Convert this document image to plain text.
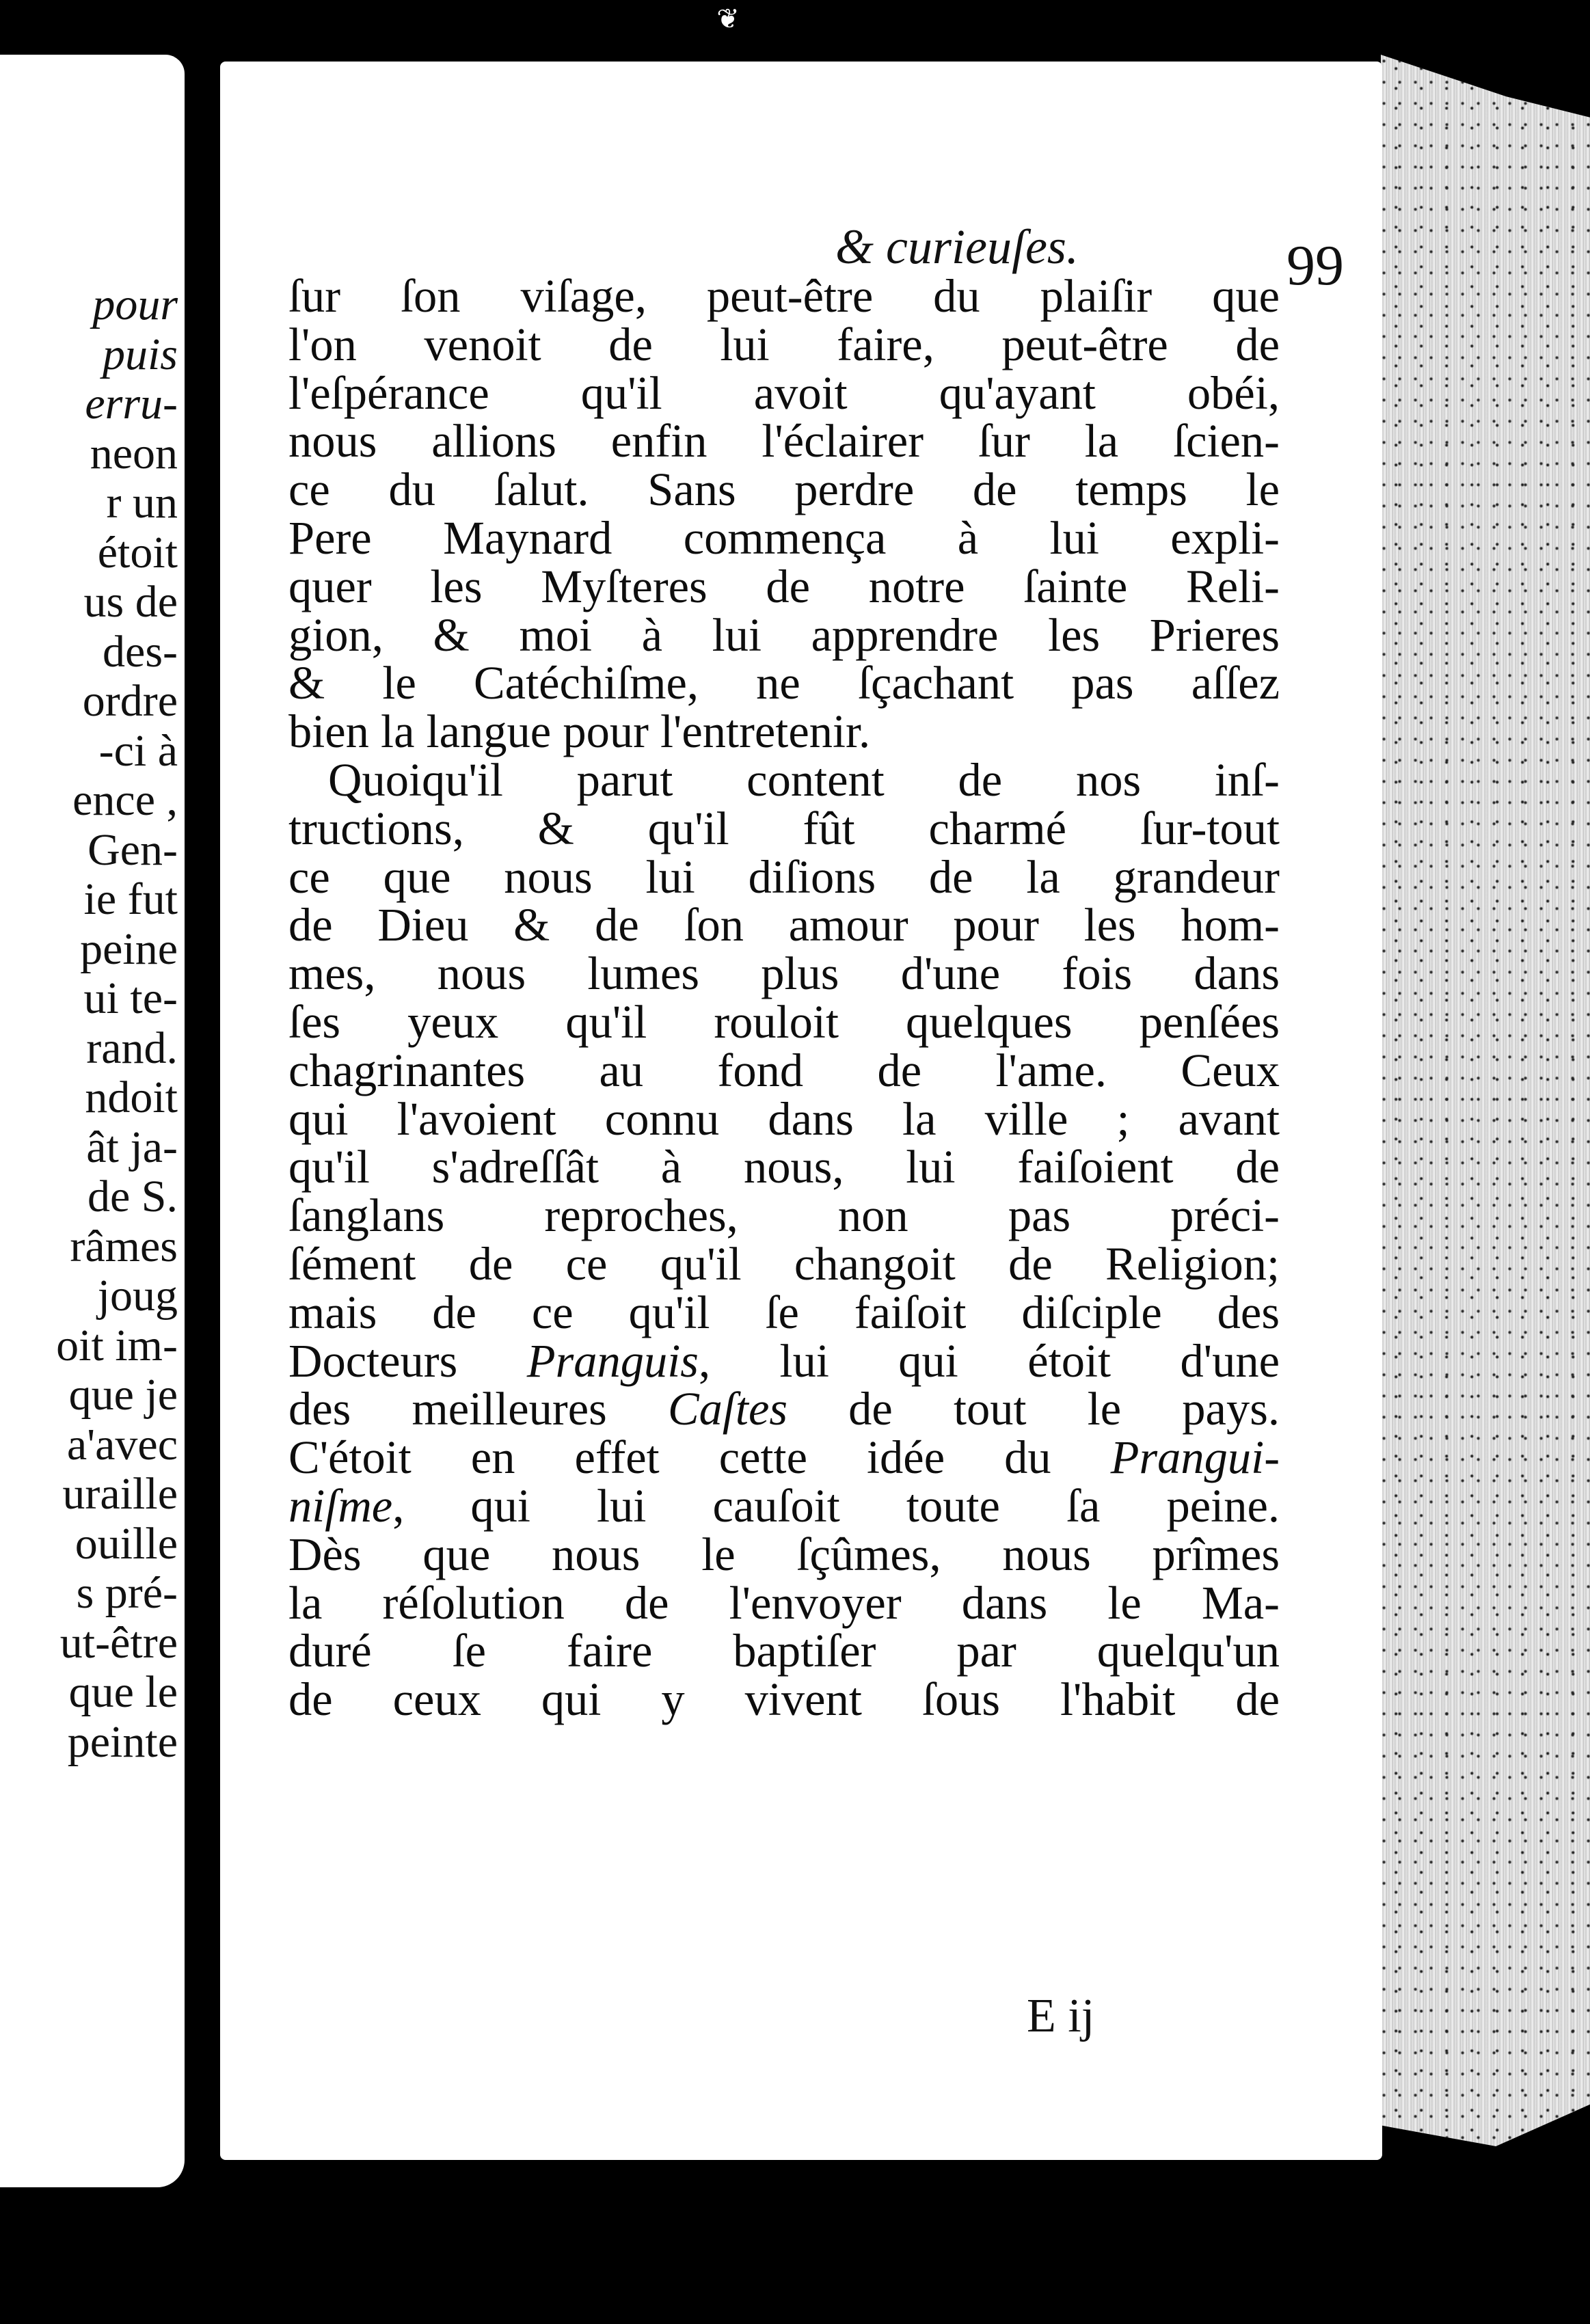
❦
pour
puis
erru-
neon
r un
étoit
us de
des-
ordre
-ci à
ence ,
Gen-
ie fut
peine
ui te-
rand.
ndoit
ât ja-
de S.
râmes
joug
oit im-
que je
a'avec
uraille
ouille
s pré-
ut-être
que le
peinte
& curieuſes.	99
ſur ſon viſage, peut-être du plaiſir que
l'on venoit de lui faire, peut-être de
l'eſpérance qu'il avoit qu'ayant obéi,
nous allions enfin l'éclairer ſur la ſcien-
ce du ſalut. Sans perdre de temps le
Pere Maynard commença à lui expli-
quer les Myſteres de notre ſainte Reli-
gion, & moi à lui apprendre les Prieres
& le Catéchiſme, ne ſçachant pas aſſez
bien la langue pour l'entretenir.
Quoiqu'il parut content de nos inſ-
tructions, & qu'il fût charmé ſur-tout
ce que nous lui diſions de la grandeur
de Dieu & de ſon amour pour les hom-
mes, nous lumes plus d'une fois dans
ſes yeux qu'il rouloit quelques penſées
chagrinantes au fond de l'ame. Ceux
qui l'avoient connu dans la ville ; avant
qu'il s'adreſſât à nous, lui faiſoient de
ſanglans reproches, non pas préci-
ſément de ce qu'il changoit de Religion;
mais de ce qu'il ſe faiſoit diſciple des
Docteurs Pranguis, lui qui étoit d'une
des meilleures Caſtes de tout le pays.
C'étoit en effet cette idée du Prangui-
niſme, qui lui cauſoit toute ſa peine.
Dès que nous le ſçûmes, nous prîmes
la réſolution de l'envoyer dans le Ma-
duré ſe faire baptiſer par quelqu'un
de ceux qui y vivent ſous l'habit de
E ij
